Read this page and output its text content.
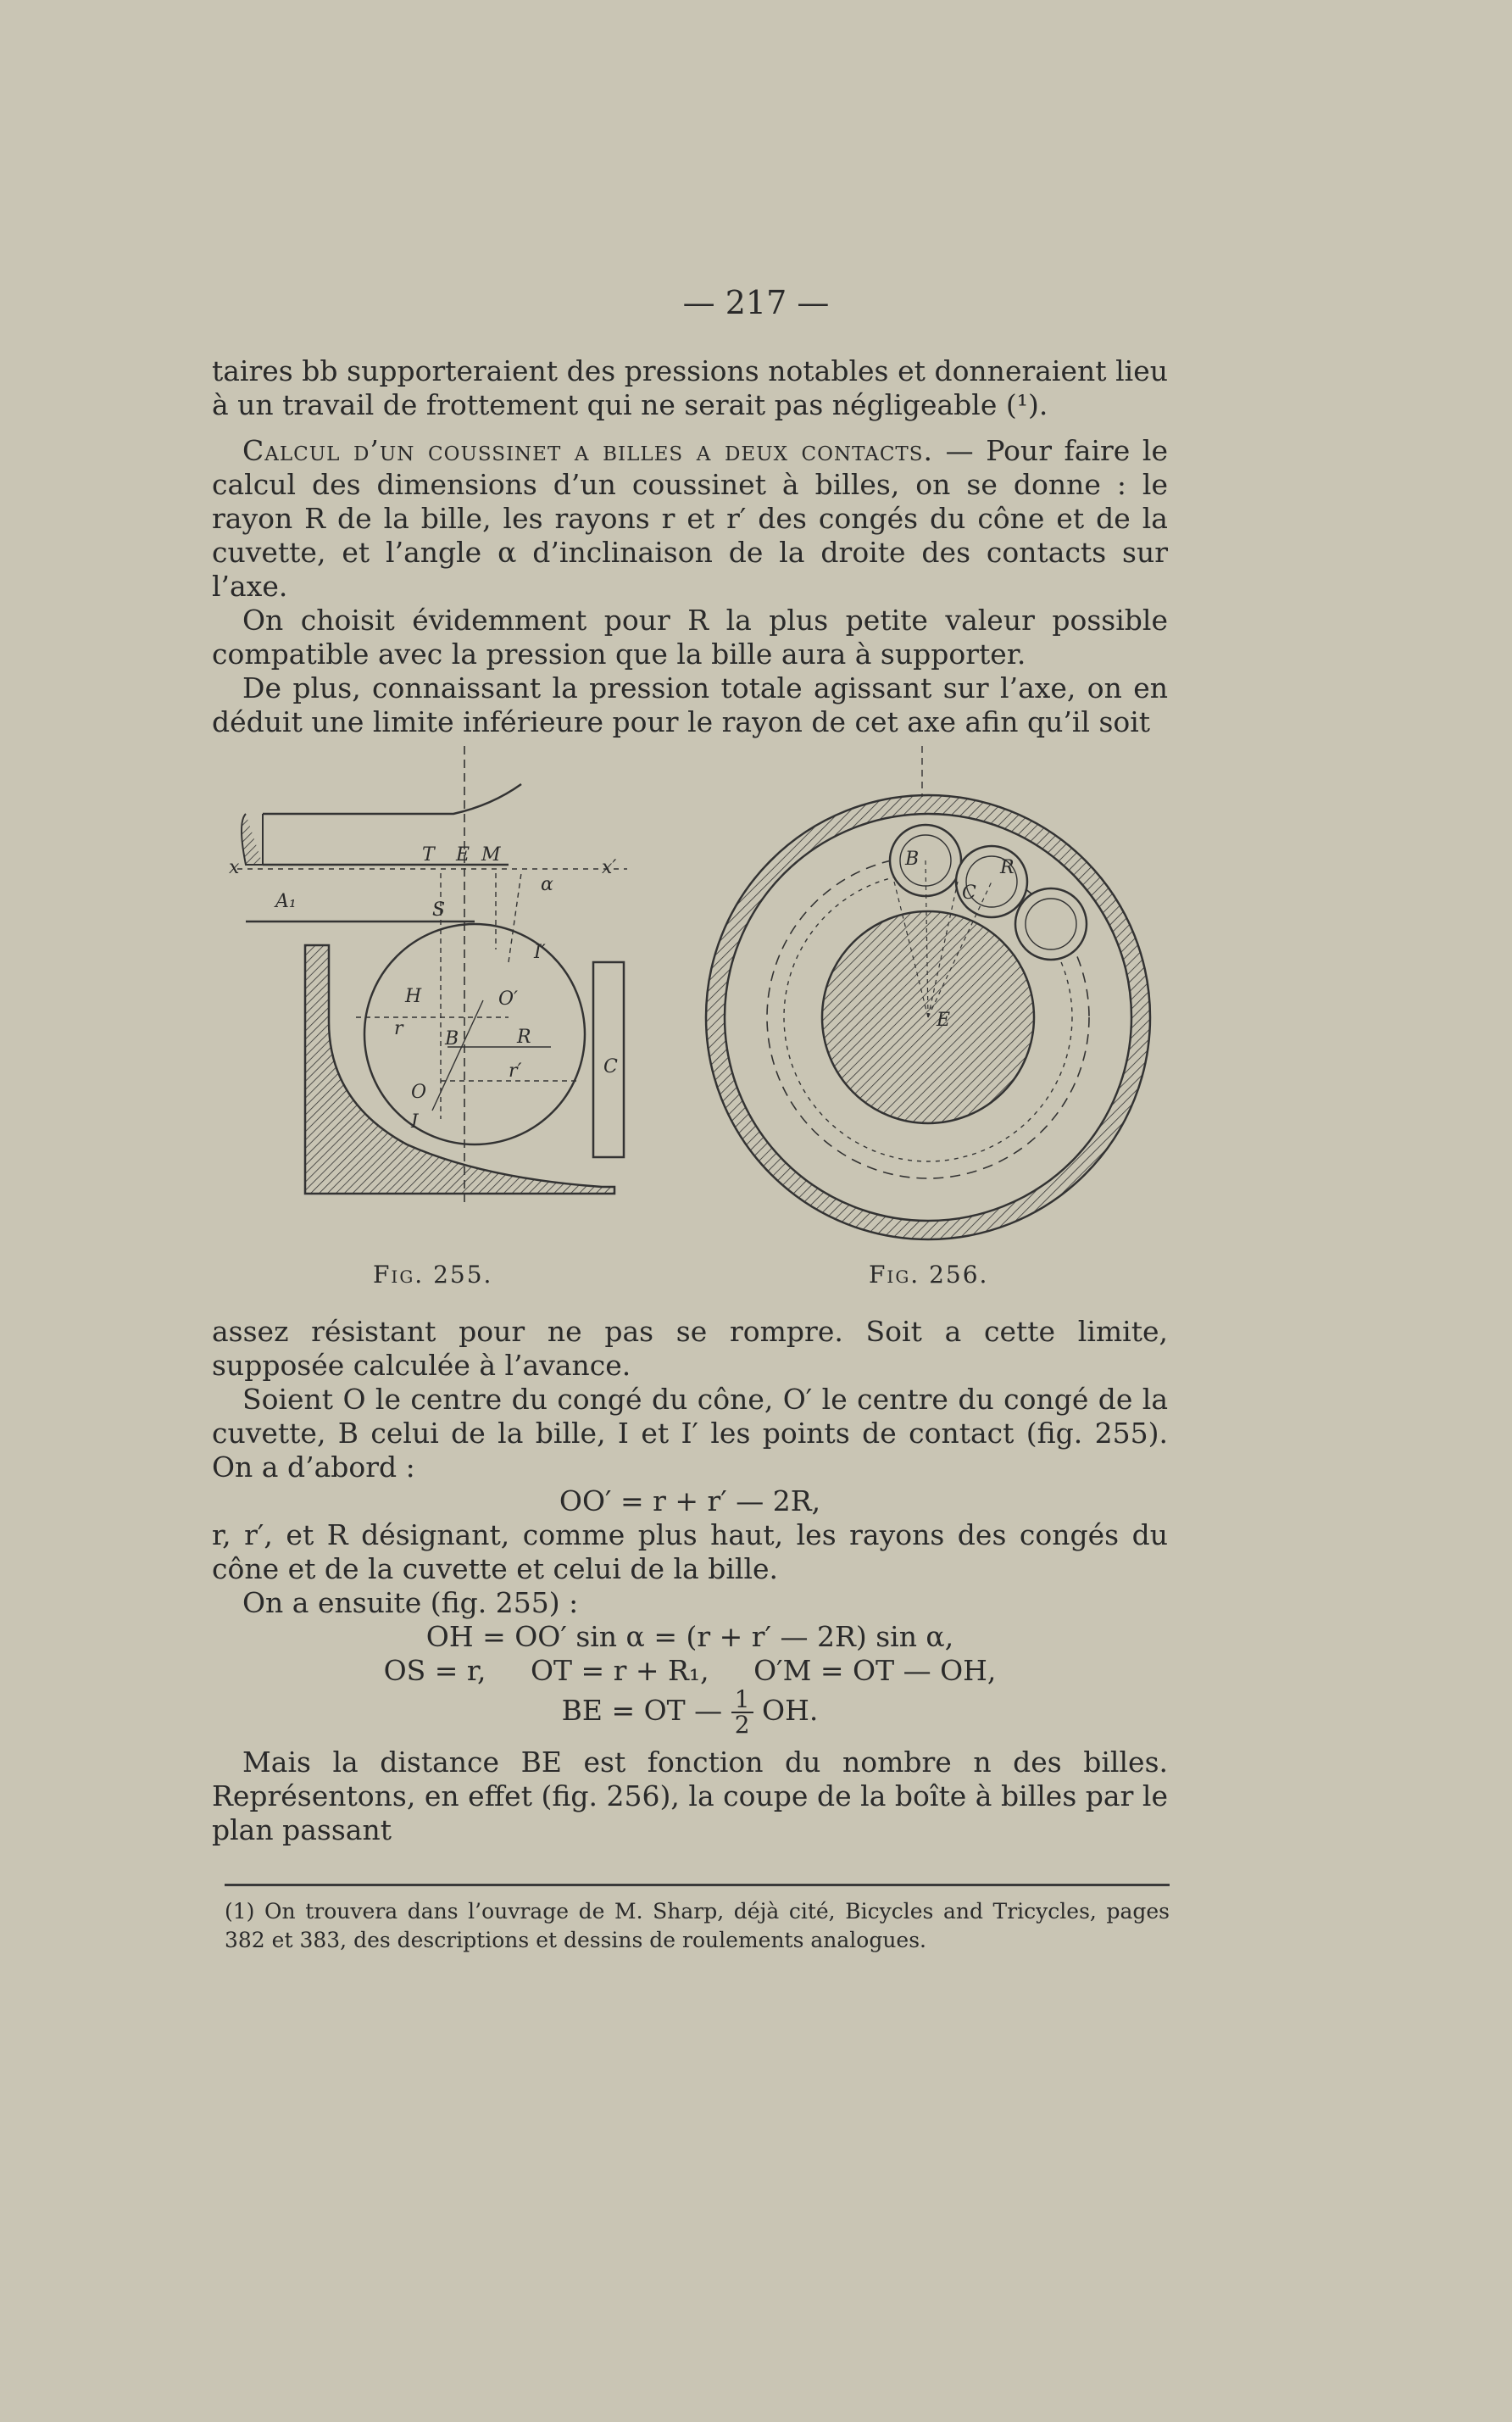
— 217 —

taires bb supporteraient des pressions notables et donneraient lieu à un travail de frottement qui ne serait pas négligeable (¹).

Calcul d’un coussinet a billes a deux contacts. — Pour faire le calcul des dimensions d’un coussinet à billes, on se donne : le rayon R de la bille, les rayons r et r′ des congés du cône et de la cuvette, et l’angle α d’inclinaison de la droite des contacts sur l’axe.

On choisit évidemment pour R la plus petite valeur possible compatible avec la pression que la bille aura à supporter.

De plus, connaissant la pression totale agissant sur l’axe, on en déduit une limite inférieure pour le rayon de cet axe afin qu’il soit

T E M
α
x	x′
A₁	S
I′
H	O′
r B	R
r′
O
I
C
Fig. 255.
B
C
R
E
Fig. 256.

assez résistant pour ne pas se rompre. Soit a cette limite, supposée calculée à l’avance.

Soient O le centre du congé du cône, O′ le centre du congé de la cuvette, B celui de la bille, I et I′ les points de contact (fig. 255). On a d’abord :

OO′ = r + r′ — 2R,

r, r′, et R désignant, comme plus haut, les rayons des congés du cône et de la cuvette et celui de la bille.

On a ensuite (fig. 255) :

OH = OO′ sin α = (r + r′ — 2R) sin α,

OS = r,     OT = r + R₁,     O′M = OT — OH,

BE = OT — $\frac{1}{2}$ OH.

Mais la distance BE est fonction du nombre n des billes. Représentons, en effet (fig. 256), la coupe de la boîte à billes par le plan passant

(1) On trouvera dans l’ouvrage de M. Sharp, déjà cité, Bicycles and Tricycles, pages 382 et 383, des descriptions et dessins de roulements analogues.
